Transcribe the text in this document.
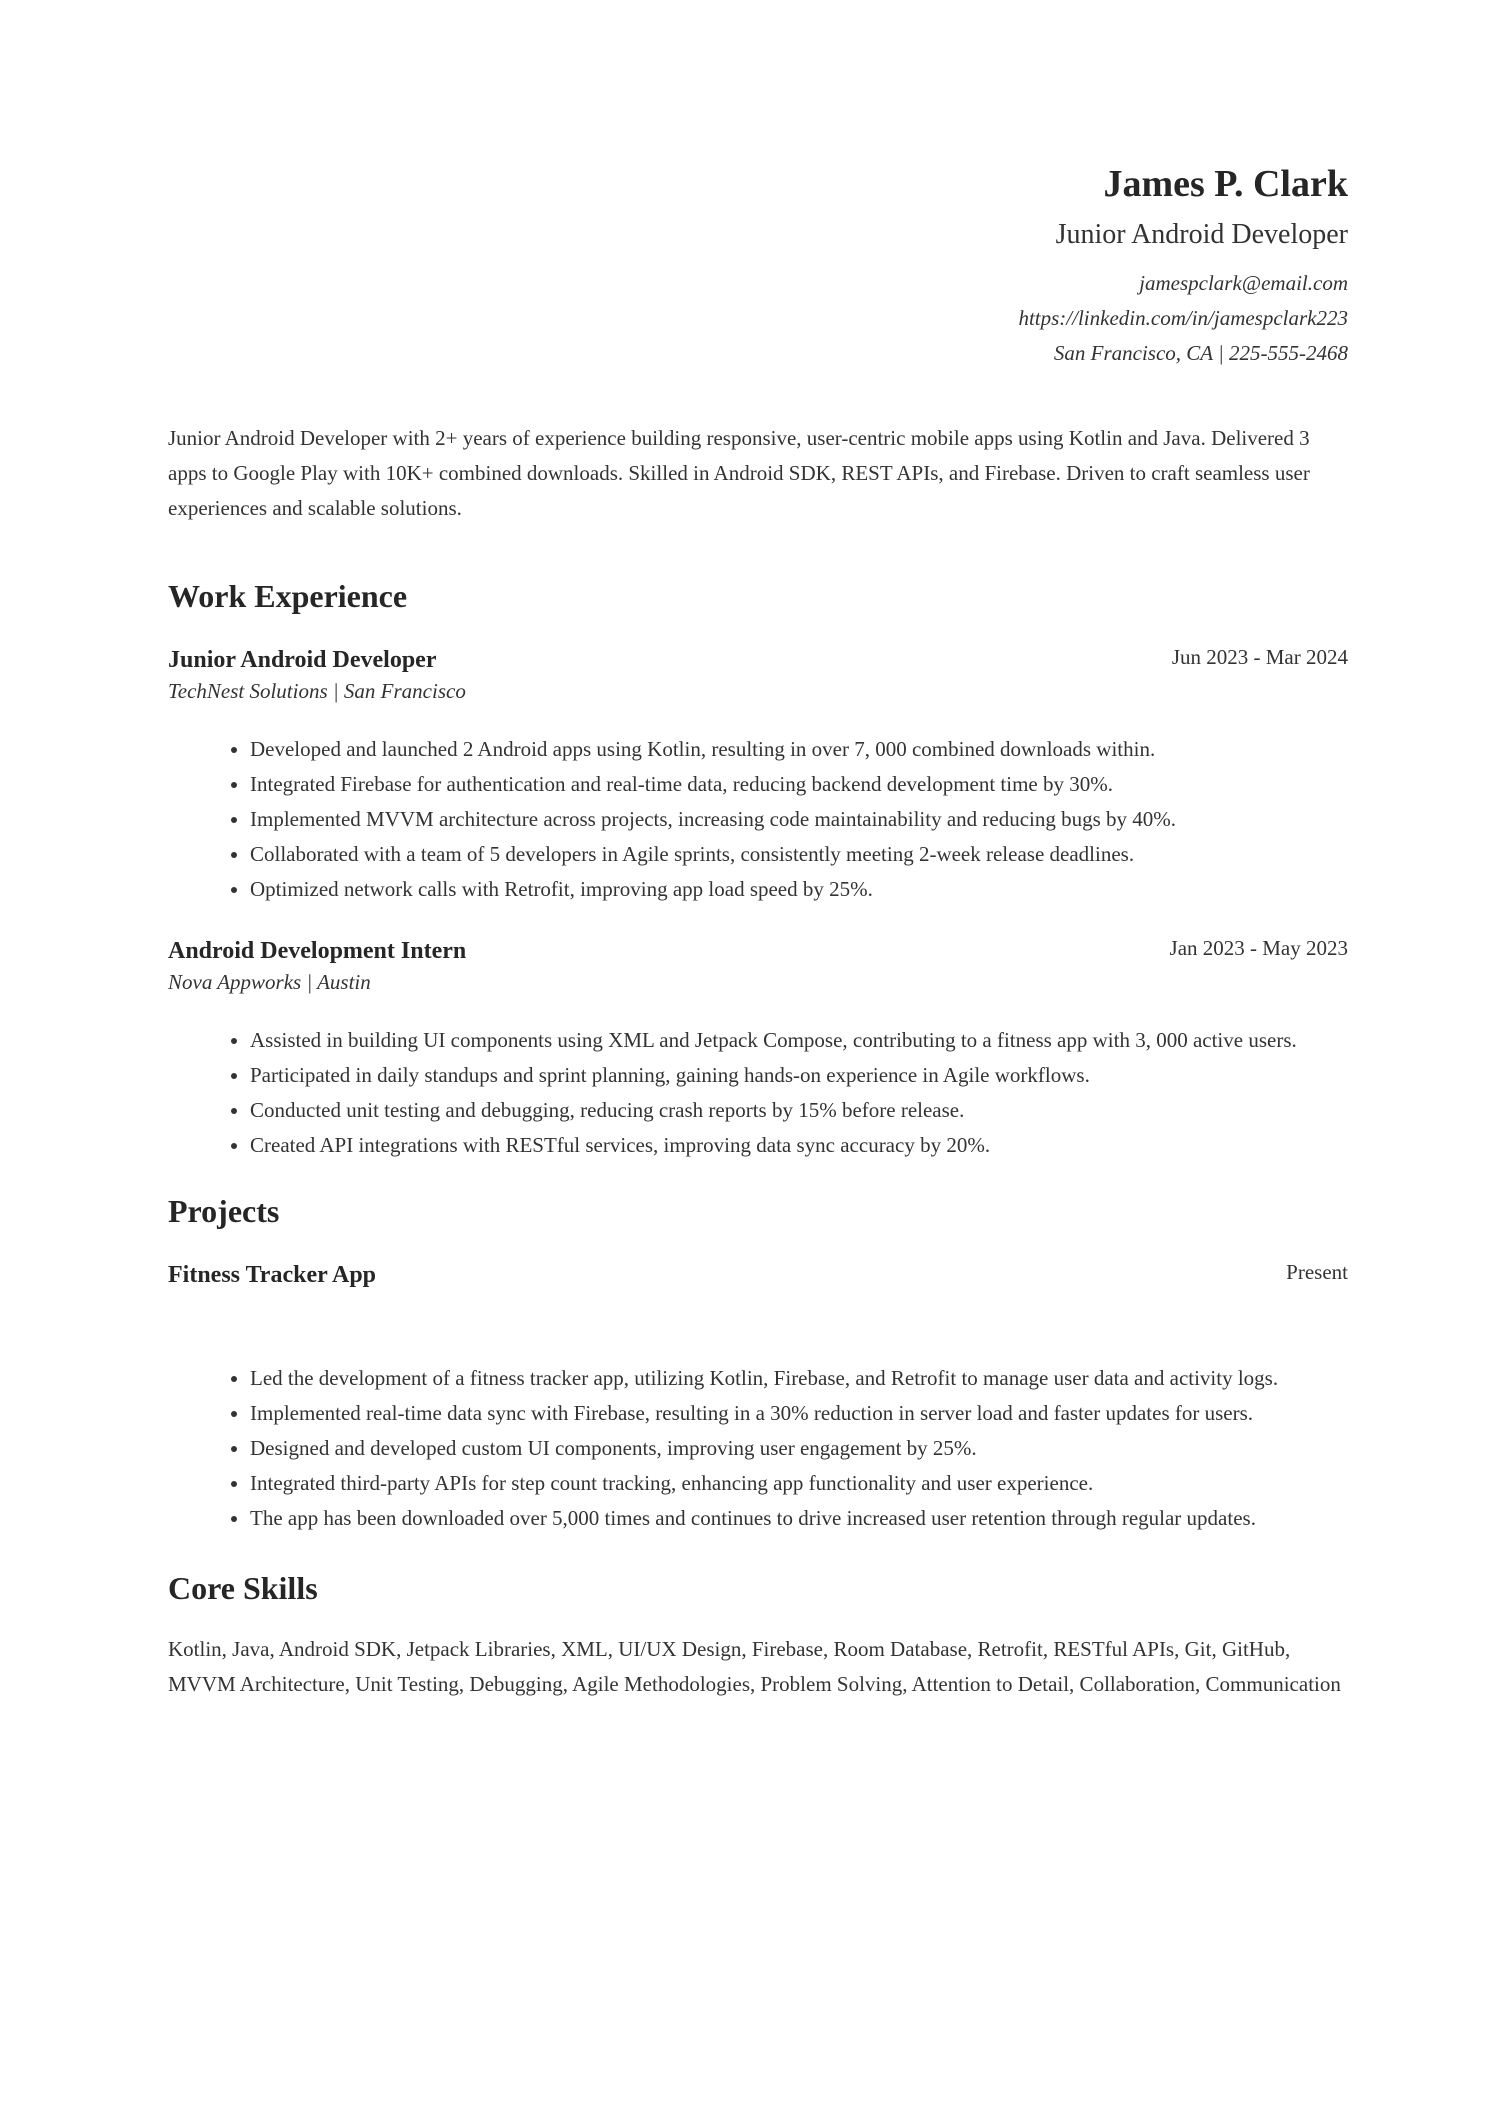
James P. Clark
Junior Android Developer
jamespclark@email.com
https://linkedin.com/in/jamespclark223
San Francisco, CA | 225-555-2468

Junior Android Developer with 2+ years of experience building responsive, user-centric mobile apps using Kotlin and Java. Delivered 3 apps to Google Play with 10K+ combined downloads. Skilled in Android SDK, REST APIs, and Firebase. Driven to craft seamless user experiences and scalable solutions.

Work Experience
Junior Android Developer	Jun 2023 - Mar 2024
TechNest Solutions | San Francisco
• Developed and launched 2 Android apps using Kotlin, resulting in over 7, 000 combined downloads within.
• Integrated Firebase for authentication and real-time data, reducing backend development time by 30%.
• Implemented MVVM architecture across projects, increasing code maintainability and reducing bugs by 40%.
• Collaborated with a team of 5 developers in Agile sprints, consistently meeting 2-week release deadlines.
• Optimized network calls with Retrofit, improving app load speed by 25%.
Android Development Intern	Jan 2023 - May 2023
Nova Appworks | Austin
• Assisted in building UI components using XML and Jetpack Compose, contributing to a fitness app with 3, 000 active users.
• Participated in daily standups and sprint planning, gaining hands-on experience in Agile workflows.
• Conducted unit testing and debugging, reducing crash reports by 15% before release.
• Created API integrations with RESTful services, improving data sync accuracy by 20%.
Projects
Fitness Tracker App	Present
• Led the development of a fitness tracker app, utilizing Kotlin, Firebase, and Retrofit to manage user data and activity logs.
• Implemented real-time data sync with Firebase, resulting in a 30% reduction in server load and faster updates for users.
• Designed and developed custom UI components, improving user engagement by 25%.
• Integrated third-party APIs for step count tracking, enhancing app functionality and user experience.
• The app has been downloaded over 5,000 times and continues to drive increased user retention through regular updates.
Core Skills

Kotlin, Java, Android SDK, Jetpack Libraries, XML, UI/UX Design, Firebase, Room Database, Retrofit, RESTful APIs, Git, GitHub, MVVM Architecture, Unit Testing, Debugging, Agile Methodologies, Problem Solving, Attention to Detail, Collaboration, Communication
